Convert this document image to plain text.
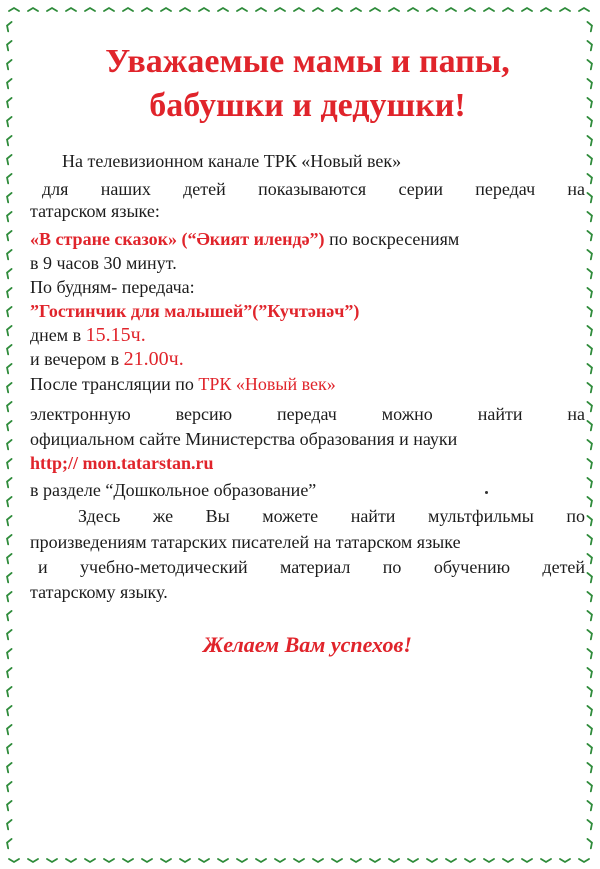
Уважаемые мамы и папы,
бабушки и дедушки!

На телевизионном канале ТРК «Новый век»

для наших детей показываются серии передач на

татарском языке:

«В стране сказок» (“Әкият илендә”) по воскресениям

в 9 часов 30 минут.

По будням- передача:

”Гостинчик для малышей”(”Кучтәнәч”)

днем в 15.15ч.

и вечером в 21.00ч.

После трансляции по ТРК «Новый век»

электронную версию передач можно найти на

официальном сайте Министерства образования и науки

http;// mon.tatarstan.ru

в разделе “Дошкольное образование”

Здесь же Вы можете найти мультфильмы по

произведениям татарских писателей на татарском языке

и учебно-методический материал по обучению детей

татарскому языку.

Желаем Вам успехов!
